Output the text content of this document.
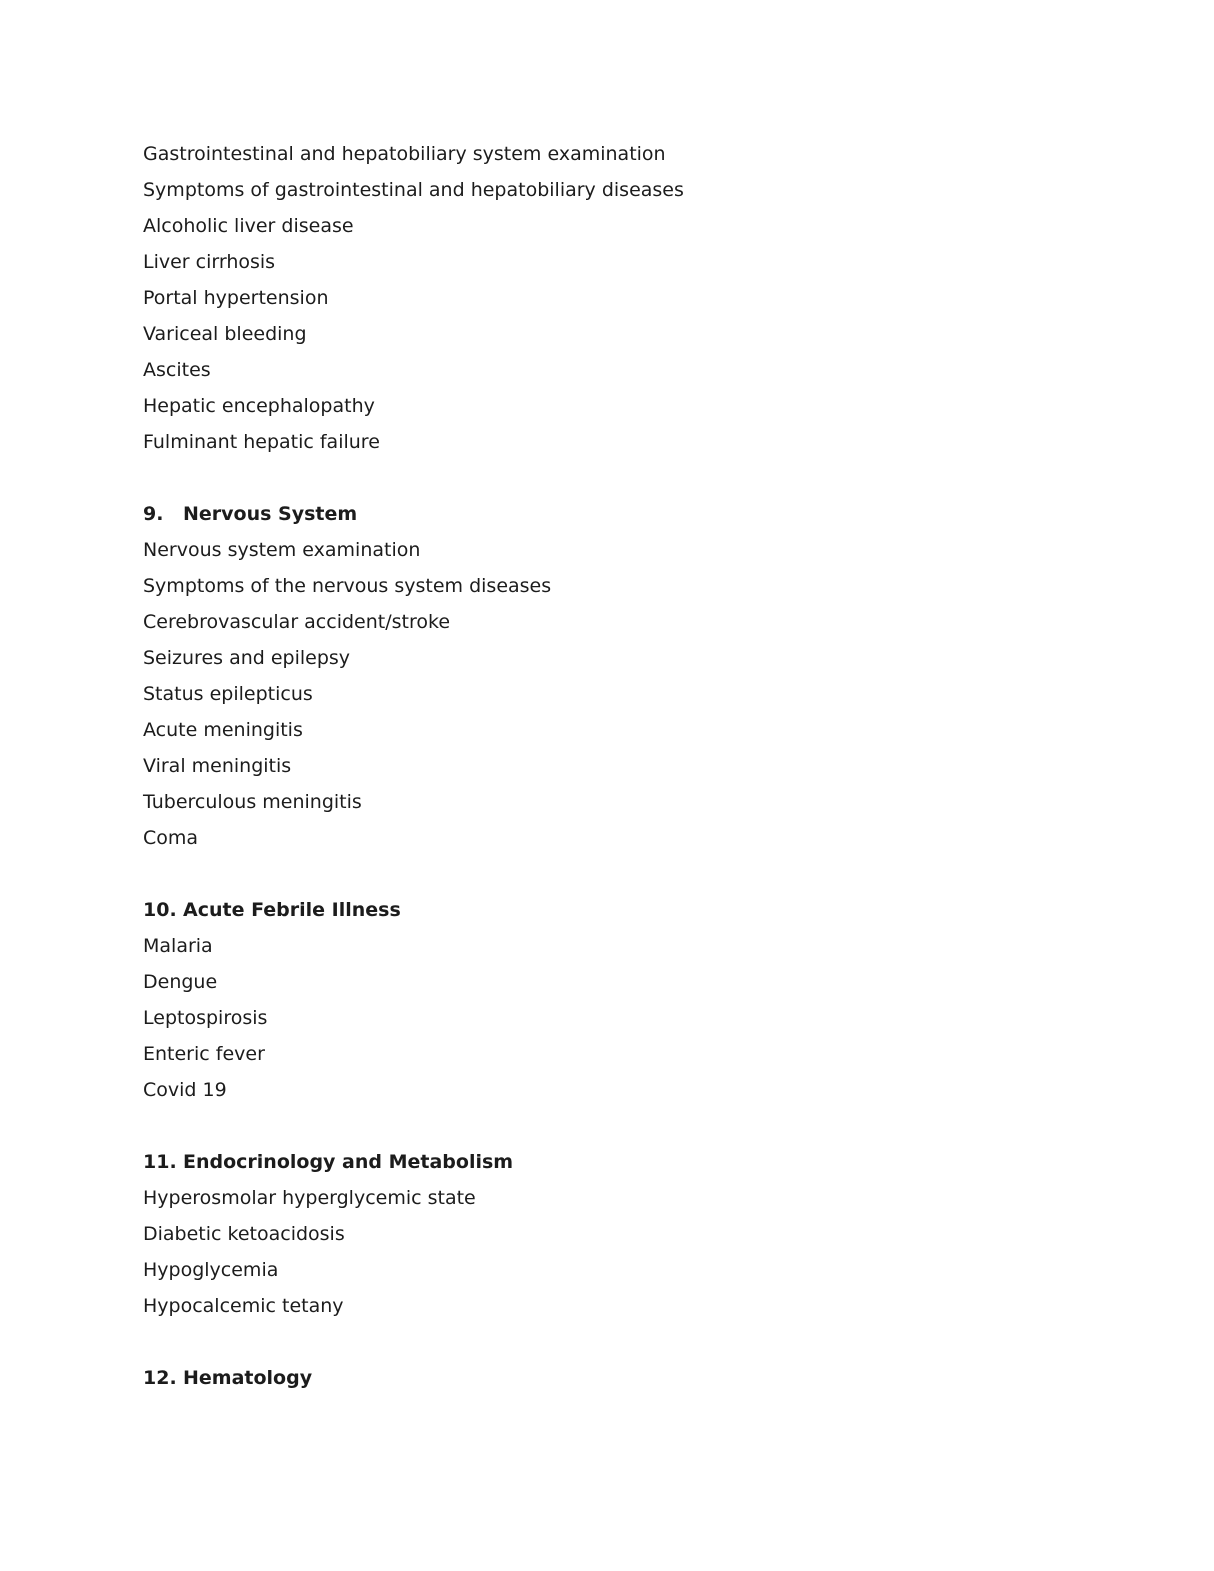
Gastrointestinal and hepatobiliary system examination
Symptoms of gastrointestinal and hepatobiliary diseases
Alcoholic liver disease
Liver cirrhosis
Portal hypertension
Variceal bleeding
Ascites
Hepatic encephalopathy
Fulminant hepatic failure
9.	Nervous System
Nervous system examination
Symptoms of the nervous system diseases
Cerebrovascular accident/stroke
Seizures and epilepsy
Status epilepticus
Acute meningitis
Viral meningitis
Tuberculous meningitis
Coma
10. Acute Febrile Illness
Malaria
Dengue
Leptospirosis
Enteric fever
Covid 19
11. Endocrinology and Metabolism
Hyperosmolar hyperglycemic state
Diabetic ketoacidosis
Hypoglycemia
Hypocalcemic tetany
12. Hematology
